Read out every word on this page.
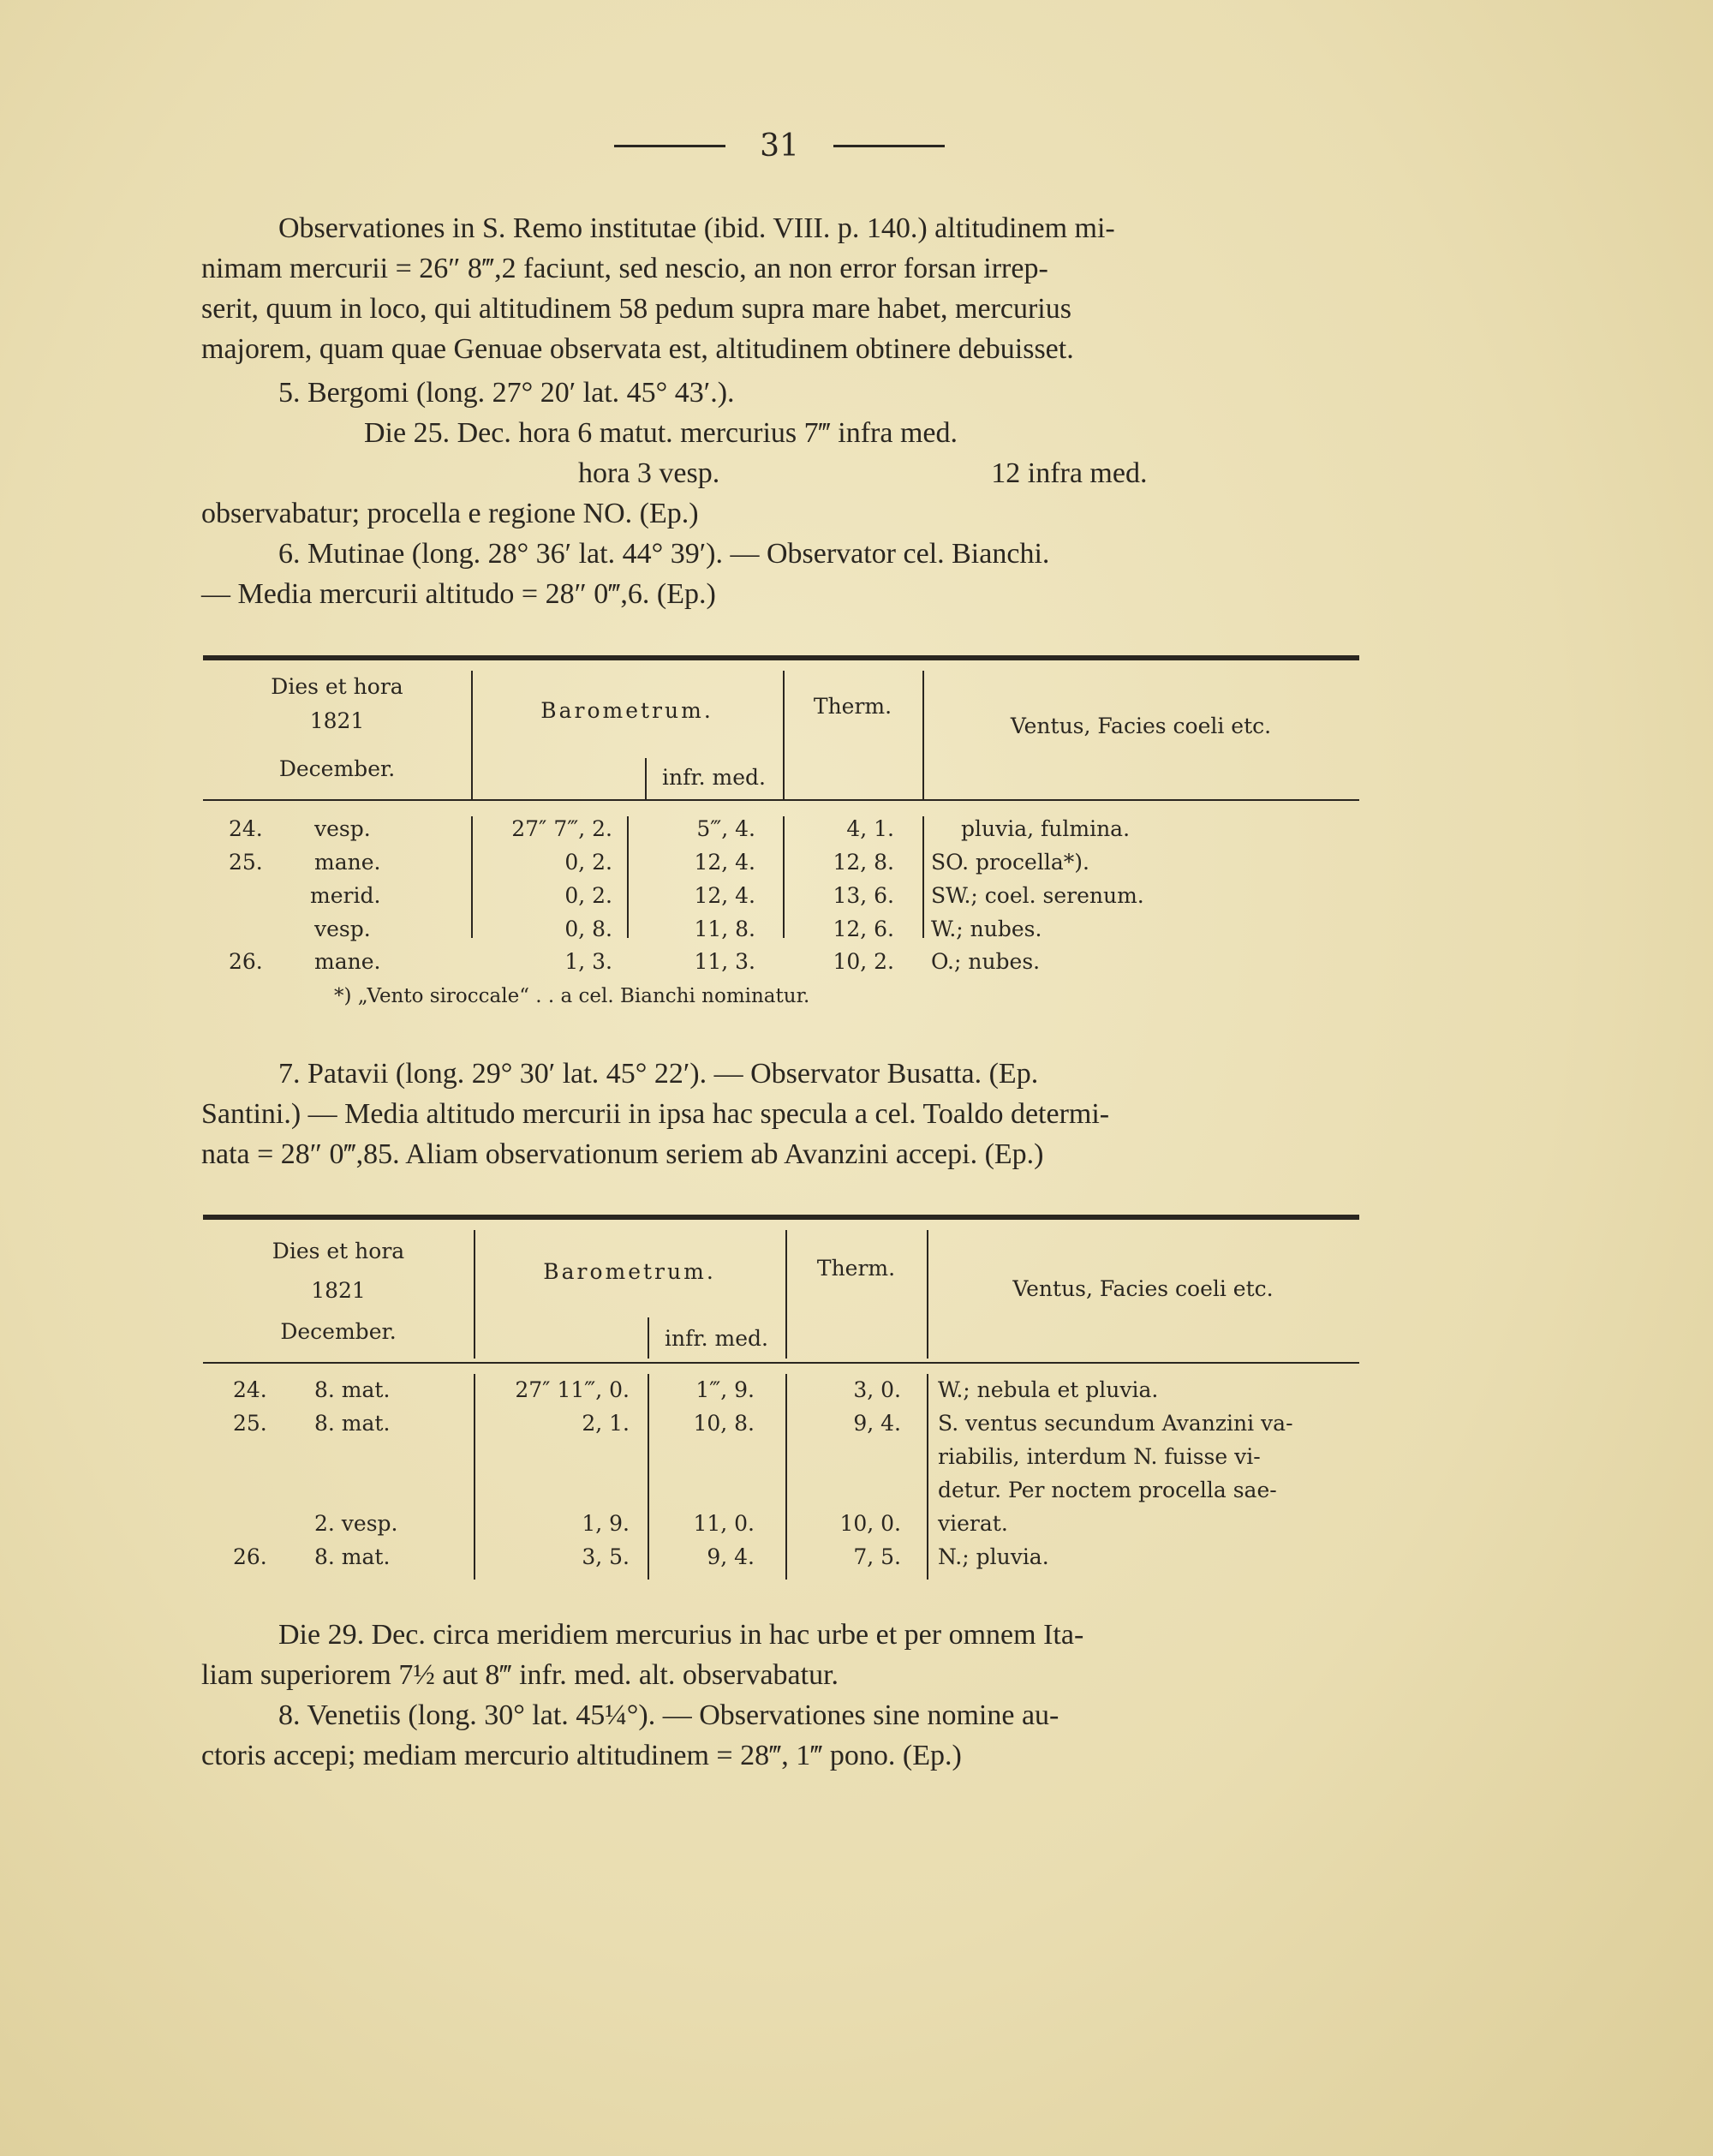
31
Observationes in S. Remo institutae (ibid. VIII. p. 140.) altitudinem mi-
nimam mercurii = 26″ 8‴,2 faciunt, sed nescio, an non error forsan irrep-
serit, quum in loco, qui altitudinem 58 pedum supra mare habet, mercurius
majorem, quam quae Genuae observata est, altitudinem obtinere debuisset.
5. Bergomi (long. 27° 20′ lat. 45° 43′.).
Die 25. Dec. hora 6 matut. mercurius 7‴ infra med.
hora 3 vesp.	12 infra med.
observabatur; procella e regione NO. (Ep.)
6. Mutinae (long. 28° 36′ lat. 44° 39′). — Observator cel. Bianchi.
— Media mercurii altitudo = 28″ 0‴,6. (Ep.)
Dies et hora
1821
December.
Barometrum.
infr. med.
Therm.
Ventus, Facies coeli etc.
24. vesp.	27″ 7‴, 2.	5‴, 4.	4, 1.	pluvia, fulmina.
25. mane.	0, 2.	12, 4.	12, 8. SO. procella*).
merid.	0, 2.	12, 4.	13, 6. SW.; coel. serenum.
vesp.	0, 8.	11, 8.	12, 6. W.; nubes.
26. mane.	1, 3.	11, 3.	10, 2. O.; nubes.
*) „Vento siroccale“ . . a cel. Bianchi nominatur.
7. Patavii (long. 29° 30′ lat. 45° 22′). — Observator Busatta. (Ep.
Santini.) — Media altitudo mercurii in ipsa hac specula a cel. Toaldo determi-
nata = 28″ 0‴,85. Aliam observationum seriem ab Avanzini accepi. (Ep.)
Dies et hora
1821
December.
Barometrum.
infr. med.
Therm.
Ventus, Facies coeli etc.
24. 8. mat.	27″ 11‴, 0.	1‴, 9.	3, 0. W.; nebula et pluvia.
25. 8. mat.	2, 1.	10, 8.	9, 4. S. ventus secundum Avanzini va-
riabilis, interdum N. fuisse vi-
detur. Per noctem procella sae-
2. vesp.	1, 9.	11, 0.	10, 0. vierat.
26. 8. mat.	3, 5.	9, 4.	7, 5. N.; pluvia.
Die 29. Dec. circa meridiem mercurius in hac urbe et per omnem Ita-
liam superiorem 7½ aut 8‴ infr. med. alt. observabatur.
8. Venetiis (long. 30° lat. 45¼°). — Observationes sine nomine au-
ctoris accepi; mediam mercurio altitudinem = 28‴, 1‴ pono. (Ep.)
